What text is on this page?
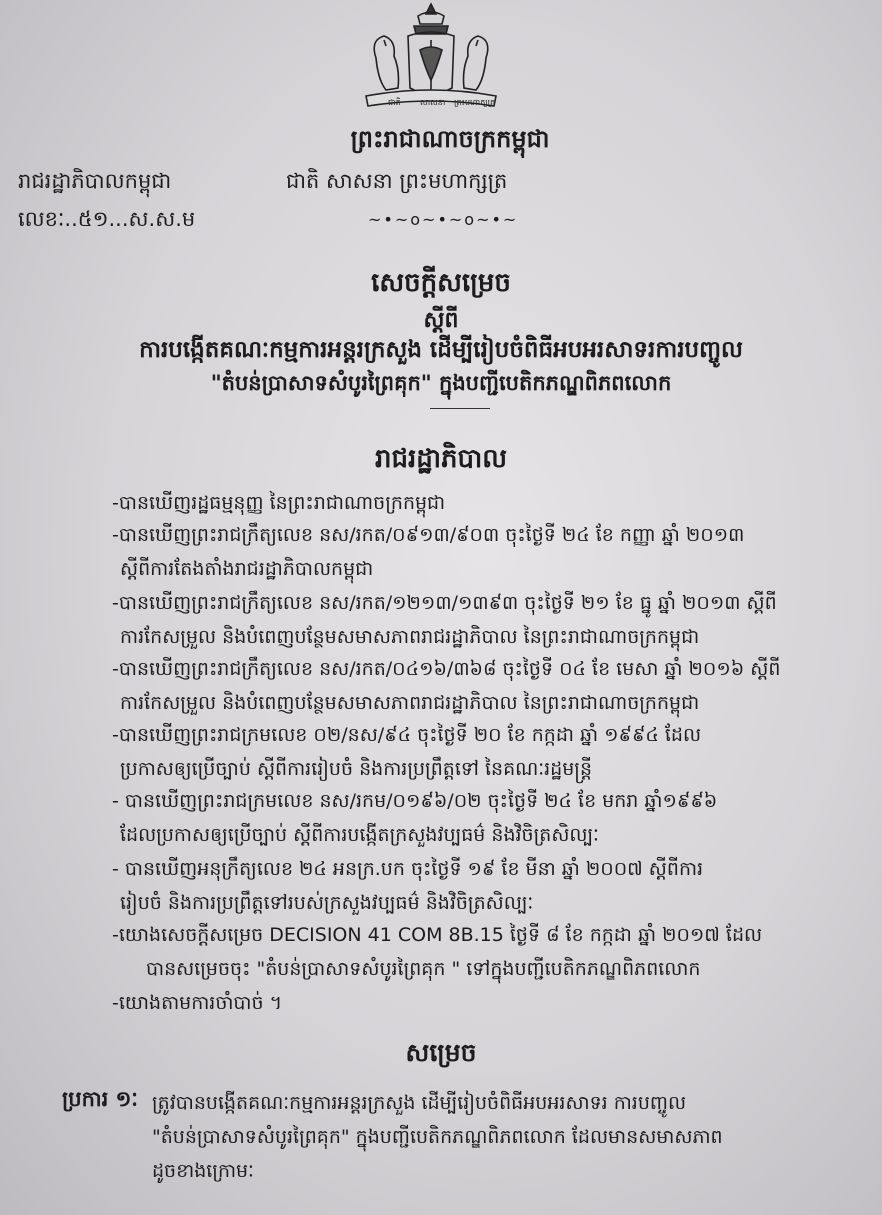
ជាតិ សាសនា ព្រះមហាក្សត្រ
ព្រះរាជាណាចក្រកម្ពុជា
រាជរដ្ឋាភិបាលកម្ពុជា	ជាតិ សាសនា ព្រះមហាក្សត្រ
លេខៈ..៥១...ស.ស.ម	~•~o~•~o~•~
សេចក្ដីសម្រេច
ស្ដីពី
ការបង្កើតគណៈកម្មការអន្តរក្រសួង ដើម្បីរៀបចំពិធីអបអរសាទរការបញ្ចូល
"តំបន់ប្រាសាទសំបូរព្រៃគុក" ក្នុងបញ្ជីបេតិកភណ្ឌពិភពលោក
រាជរដ្ឋាភិបាល
-បានឃើញរដ្ឋធម្មនុញ្ញ នៃព្រះរាជាណាចក្រកម្ពុជា
-បានឃើញព្រះរាជក្រឹត្យលេខ នស/រកត/០៩១៣/៩០៣ ចុះថ្ងៃទី ២៤ ខែ កញ្ញា ឆ្នាំ ២០១៣
ស្ដីពីការតែងតាំងរាជរដ្ឋាភិបាលកម្ពុជា
-បានឃើញព្រះរាជក្រឹត្យលេខ នស/រកត/១២១៣/១៣៩៣ ចុះថ្ងៃទី ២១ ខែ ធ្នូ ឆ្នាំ ២០១៣ ស្ដីពី
ការកែសម្រួល និងបំពេញបន្ថែមសមាសភាពរាជរដ្ឋាភិបាល នៃព្រះរាជាណាចក្រកម្ពុជា
-បានឃើញព្រះរាជក្រឹត្យលេខ នស/រកត/០៤១៦/៣៦៨ ចុះថ្ងៃទី ០៤ ខែ មេសា ឆ្នាំ ២០១៦ ស្ដីពី
ការកែសម្រួល និងបំពេញបន្ថែមសមាសភាពរាជរដ្ឋាភិបាល នៃព្រះរាជាណាចក្រកម្ពុជា
-បានឃើញព្រះរាជក្រមលេខ ០២/នស/៩៤ ចុះថ្ងៃទី ២០ ខែ កក្កដា ឆ្នាំ ១៩៩៤ ដែល
ប្រកាសឲ្យប្រើច្បាប់ ស្ដីពីការរៀបចំ និងការប្រព្រឹត្តទៅ នៃគណៈរដ្ឋមន្ត្រី
- បានឃើញព្រះរាជក្រមលេខ នស/រកម/០១៩៦/០២ ចុះថ្ងៃទី ២៤ ខែ មករា ឆ្នាំ១៩៩៦
ដែលប្រកាសឲ្យប្រើច្បាប់ ស្ដីពីការបង្កើតក្រសួងវប្បធម៌ និងវិចិត្រសិល្បៈ
- បានឃើញអនុក្រឹត្យលេខ ២៤ អនក្រ.បក ចុះថ្ងៃទី ១៩ ខែ មីនា ឆ្នាំ ២០០៧ ស្ដីពីការ
រៀបចំ និងការប្រព្រឹត្តទៅរបស់ក្រសួងវប្បធម៌ និងវិចិត្រសិល្បៈ
-យោងសេចក្ដីសម្រេច DECISION 41 COM 8B.15 ថ្ងៃទី ៨ ខែ កក្កដា ឆ្នាំ ២០១៧ ដែល
បានសម្រេចចុះ "តំបន់ប្រាសាទសំបូរព្រៃគុក " ទៅក្នុងបញ្ជីបេតិកភណ្ឌពិភពលោក
-យោងតាមការចាំបាច់ ។
សម្រេច
ប្រការ ១ៈ ត្រូវបានបង្កើតគណៈកម្មការអន្តរក្រសួង ដើម្បីរៀបចំពិធីអបអរសាទរ ការបញ្ចូល
"តំបន់ប្រាសាទសំបូរព្រៃគុក" ក្នុងបញ្ជីបេតិកភណ្ឌពិភពលោក ដែលមានសមាសភាព
ដូចខាងក្រោមៈ
